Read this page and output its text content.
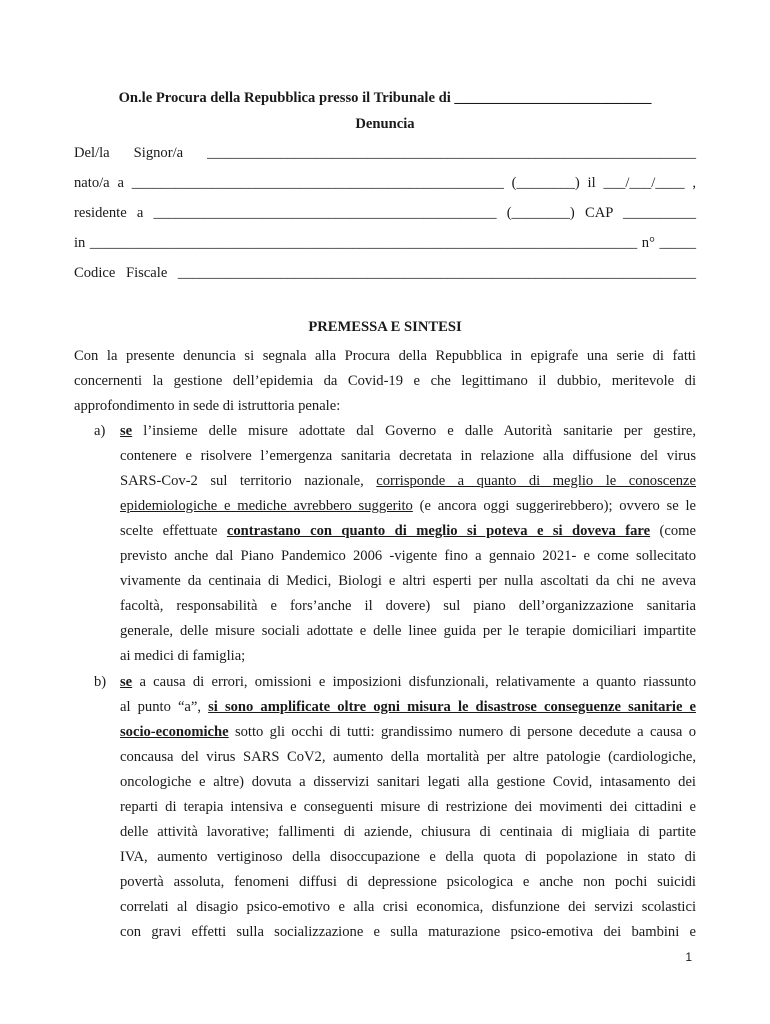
On.le Procura della Repubblica presso il Tribunale di ___________________________
Denuncia
Del/la Signor/a ___________________________________________________________________
nato/a a ___________________________________________________ (________) il ___/___/____ ,
residente a _______________________________________________ (________) CAP __________
in ___________________________________________________________________________ n° _____
Codice Fiscale _______________________________________________________________________
PREMESSA E SINTESI
Con la presente denuncia si segnala alla Procura della Repubblica in epigrafe una serie di fatti
concernenti la gestione dell’epidemia da Covid-19 e che legittimano il dubbio, meritevole di
approfondimento in sede di istruttoria penale:
a)	se l’insieme delle misure adottate dal Governo e dalle Autorità sanitarie per gestire,
contenere e risolvere l’emergenza sanitaria decretata in relazione alla diffusione del virus
SARS-Cov-2 sul territorio nazionale, corrisponde a quanto di meglio le conoscenze
epidemiologiche e mediche avrebbero suggerito (e ancora oggi suggerirebbero); ovvero se le
scelte effettuate contrastano con quanto di meglio si poteva e si doveva fare (come
previsto anche dal Piano Pandemico 2006 -vigente fino a gennaio 2021- e come sollecitato
vivamente da centinaia di Medici, Biologi e altri esperti per nulla ascoltati da chi ne aveva
facoltà, responsabilità e fors’anche il dovere) sul piano dell’organizzazione sanitaria
generale, delle misure sociali adottate e delle linee guida per le terapie domiciliari impartite
ai medici di famiglia;
b) se a causa di errori, omissioni e imposizioni disfunzionali, relativamente a quanto riassunto
al punto “a”, si sono amplificate oltre ogni misura le disastrose conseguenze sanitarie e
socio-economiche sotto gli occhi di tutti: grandissimo numero di persone decedute a causa o
concausa del virus SARS CoV2, aumento della mortalità per altre patologie (cardiologiche,
oncologiche e altre) dovuta a disservizi sanitari legati alla gestione Covid, intasamento dei
reparti di terapia intensiva e conseguenti misure di restrizione dei movimenti dei cittadini e
delle attività lavorative; fallimenti di aziende, chiusura di centinaia di migliaia di partite
IVA, aumento vertiginoso della disoccupazione e della quota di popolazione in stato di
povertà assoluta, fenomeni diffusi di depressione psicologica e anche non pochi suicidi
correlati al disagio psico-emotivo e alla crisi economica, disfunzione dei servizi scolastici
con gravi effetti sulla socializzazione e sulla maturazione psico-emotiva dei bambini e
1
